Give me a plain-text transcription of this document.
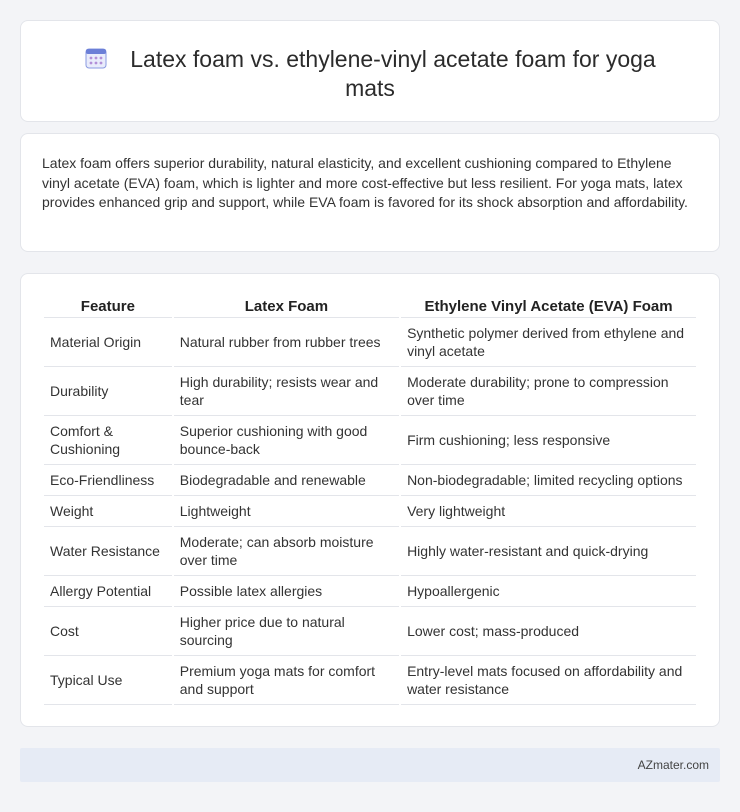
Latex foam vs. ethylene-vinyl acetate foam for yoga mats

Latex foam offers superior durability, natural elasticity, and excellent cushioning compared to Ethylene vinyl acetate (EVA) foam, which is lighter and more cost-effective but less resilient. For yoga mats, latex provides enhanced grip and support, while EVA foam is favored for its shock absorption and affordability.

Feature	Latex Foam	Ethylene Vinyl Acetate (EVA) Foam
Material Origin	Natural rubber from rubber trees	Synthetic polymer derived from ethylene and vinyl acetate
Durability	High durability; resists wear and tear	Moderate durability; prone to compression over time
Comfort & Cushioning	Superior cushioning with good bounce-back	Firm cushioning; less responsive
Eco-Friendliness	Biodegradable and renewable	Non-biodegradable; limited recycling options
Weight	Lightweight	Very lightweight
Water Resistance	Moderate; can absorb moisture over time	Highly water-resistant and quick-drying
Allergy Potential	Possible latex allergies	Hypoallergenic
Cost	Higher price due to natural sourcing	Lower cost; mass-produced
Typical Use	Premium yoga mats for comfort and support	Entry-level mats focused on affordability and water resistance
AZmater.com
